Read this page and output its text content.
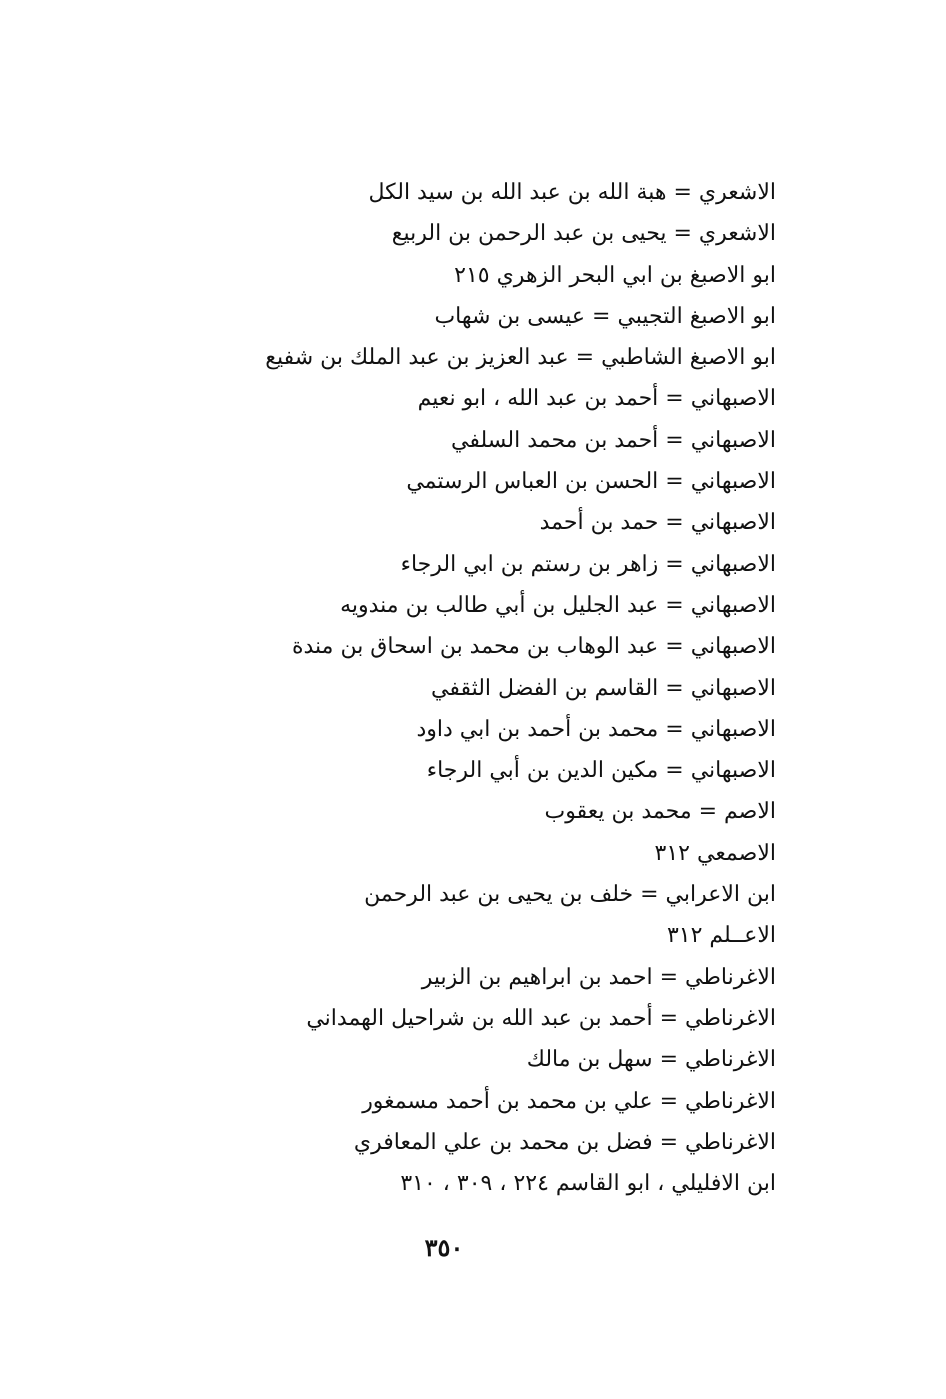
الاشعري = هبة الله بن عبد الله بن سيد الكل
الاشعري = يحيى بن عبد الرحمن بن الربيع
ابو الاصبغ بن ابي البحر الزهري ٢١٥
ابو الاصبغ التجيبي = عيسى بن شهاب
ابو الاصبغ الشاطبي = عبد العزيز بن عبد الملك بن شفيع
الاصبهاني = أحمد بن عبد الله ، ابو نعيم
الاصبهاني = أحمد بن محمد السلفي
الاصبهاني = الحسن بن العباس الرستمي
الاصبهاني = حمد بن أحمد
الاصبهاني = زاهر بن رستم بن ابي الرجاء
الاصبهاني = عبد الجليل بن أبي طالب بن مندويه
الاصبهاني = عبد الوهاب بن محمد بن اسحاق بن مندة
الاصبهاني = القاسم بن الفضل الثقفي
الاصبهاني = محمد بن أحمد بن ابي داود
الاصبهاني = مكين الدين بن أبي الرجاء
الاصم = محمد بن يعقوب
الاصمعي ٣١٢
ابن الاعرابي = خلف بن يحيى بن عبد الرحمن
الاعــلم ٣١٢
الاغرناطي = احمد بن ابراهيم بن الزبير
الاغرناطي = أحمد بن عبد الله بن شراحيل الهمداني
الاغرناطي = سهل بن مالك
الاغرناطي = علي بن محمد بن أحمد مسمغور
الاغرناطي = فضل بن محمد بن علي المعافري
ابن الافليلي ، ابو القاسم ٢٢٤ ، ٣٠٩ ، ٣١٠
٣٥٠
